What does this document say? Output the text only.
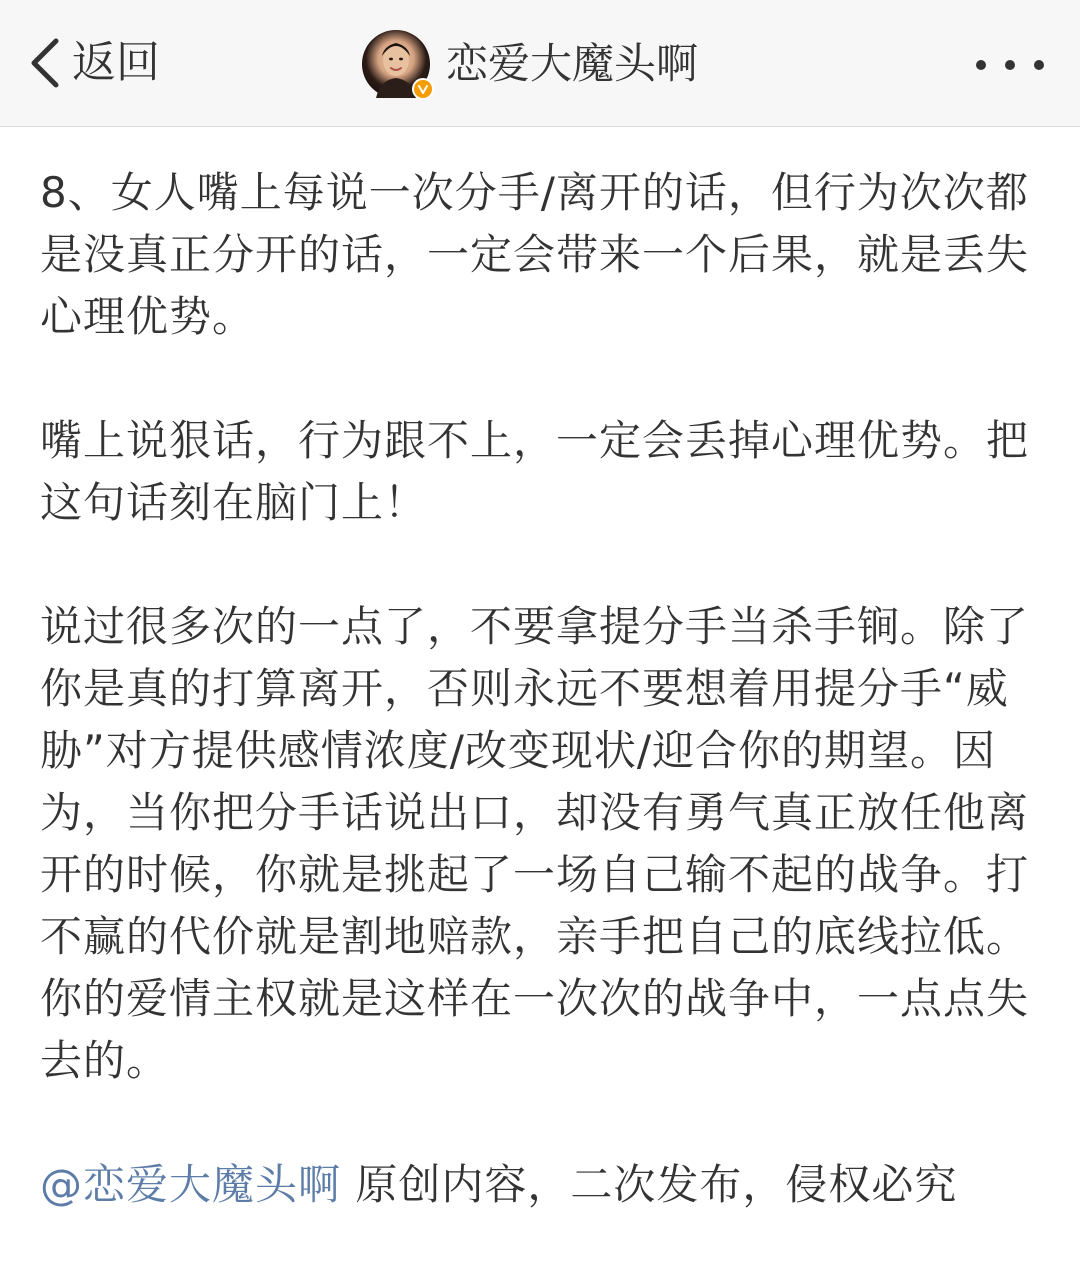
返回	恋爱大魔头啊

8、女人嘴上每说一次分手/离开的话，但行为次次都是没真正分开的话，一定会带来一个后果，就是丢失心理优势。

嘴上说狠话，行为跟不上，一定会丢掉心理优势。把这句话刻在脑门上！

说过很多次的一点了，不要拿提分手当杀手锏。除了你是真的打算离开，否则永远不要想着用提分手“威胁”对方提供感情浓度/改变现状/迎合你的期望。因为，当你把分手话说出口，却没有勇气真正放任他离开的时候，你就是挑起了一场自己输不起的战争。打不赢的代价就是割地赔款，亲手把自己的底线拉低。你的爱情主权就是这样在一次次的战争中，一点点失去的。

@恋爱大魔头啊 原创内容，二次发布，侵权必究
